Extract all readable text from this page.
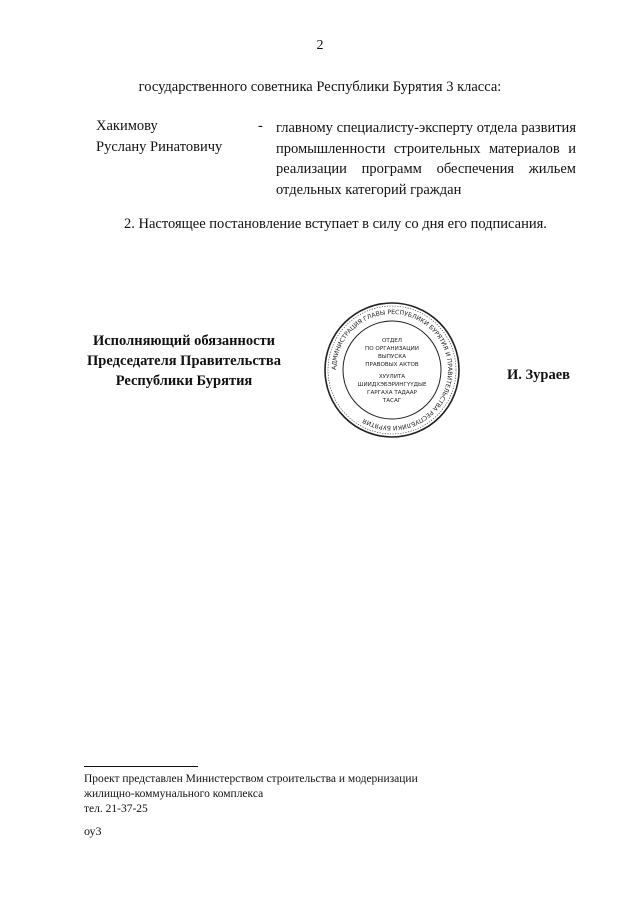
2
государственного советника Республики Бурятия 3 класса:
Хакимову
Руслану Ринатовичу
- главному специалисту-эксперту отдела развития промышленности строительных материалов и реализации программ обеспечения жильем отдельных категорий граждан
2. Настоящее постановление вступает в силу со дня его подписания.
Исполняющий обязанности
Председателя Правительства
Республики Бурятия
АДМИНИСТРАЦИЯ ГЛАВЫ РЕСПУБЛИКИ БУРЯТИЯ И ПРАВИТЕЛЬСТВА РЕСПУБЛИКИ БУРЯТИЯ
ОТДЕЛ
ПО ОРГАНИЗАЦИИ
ВЫПУСКА
ПРАВОВЫХ АКТОВ
ХУУЛИТА
ШИИДХЭБЭРИНГҮҮДЫЕ
ГАРГАХА ТАДААР
ТАСАГ
И. Зураев
Проект представлен Министерством строительства и модернизации
жилищно-коммунального комплекса
тел. 21-37-25
оу3
